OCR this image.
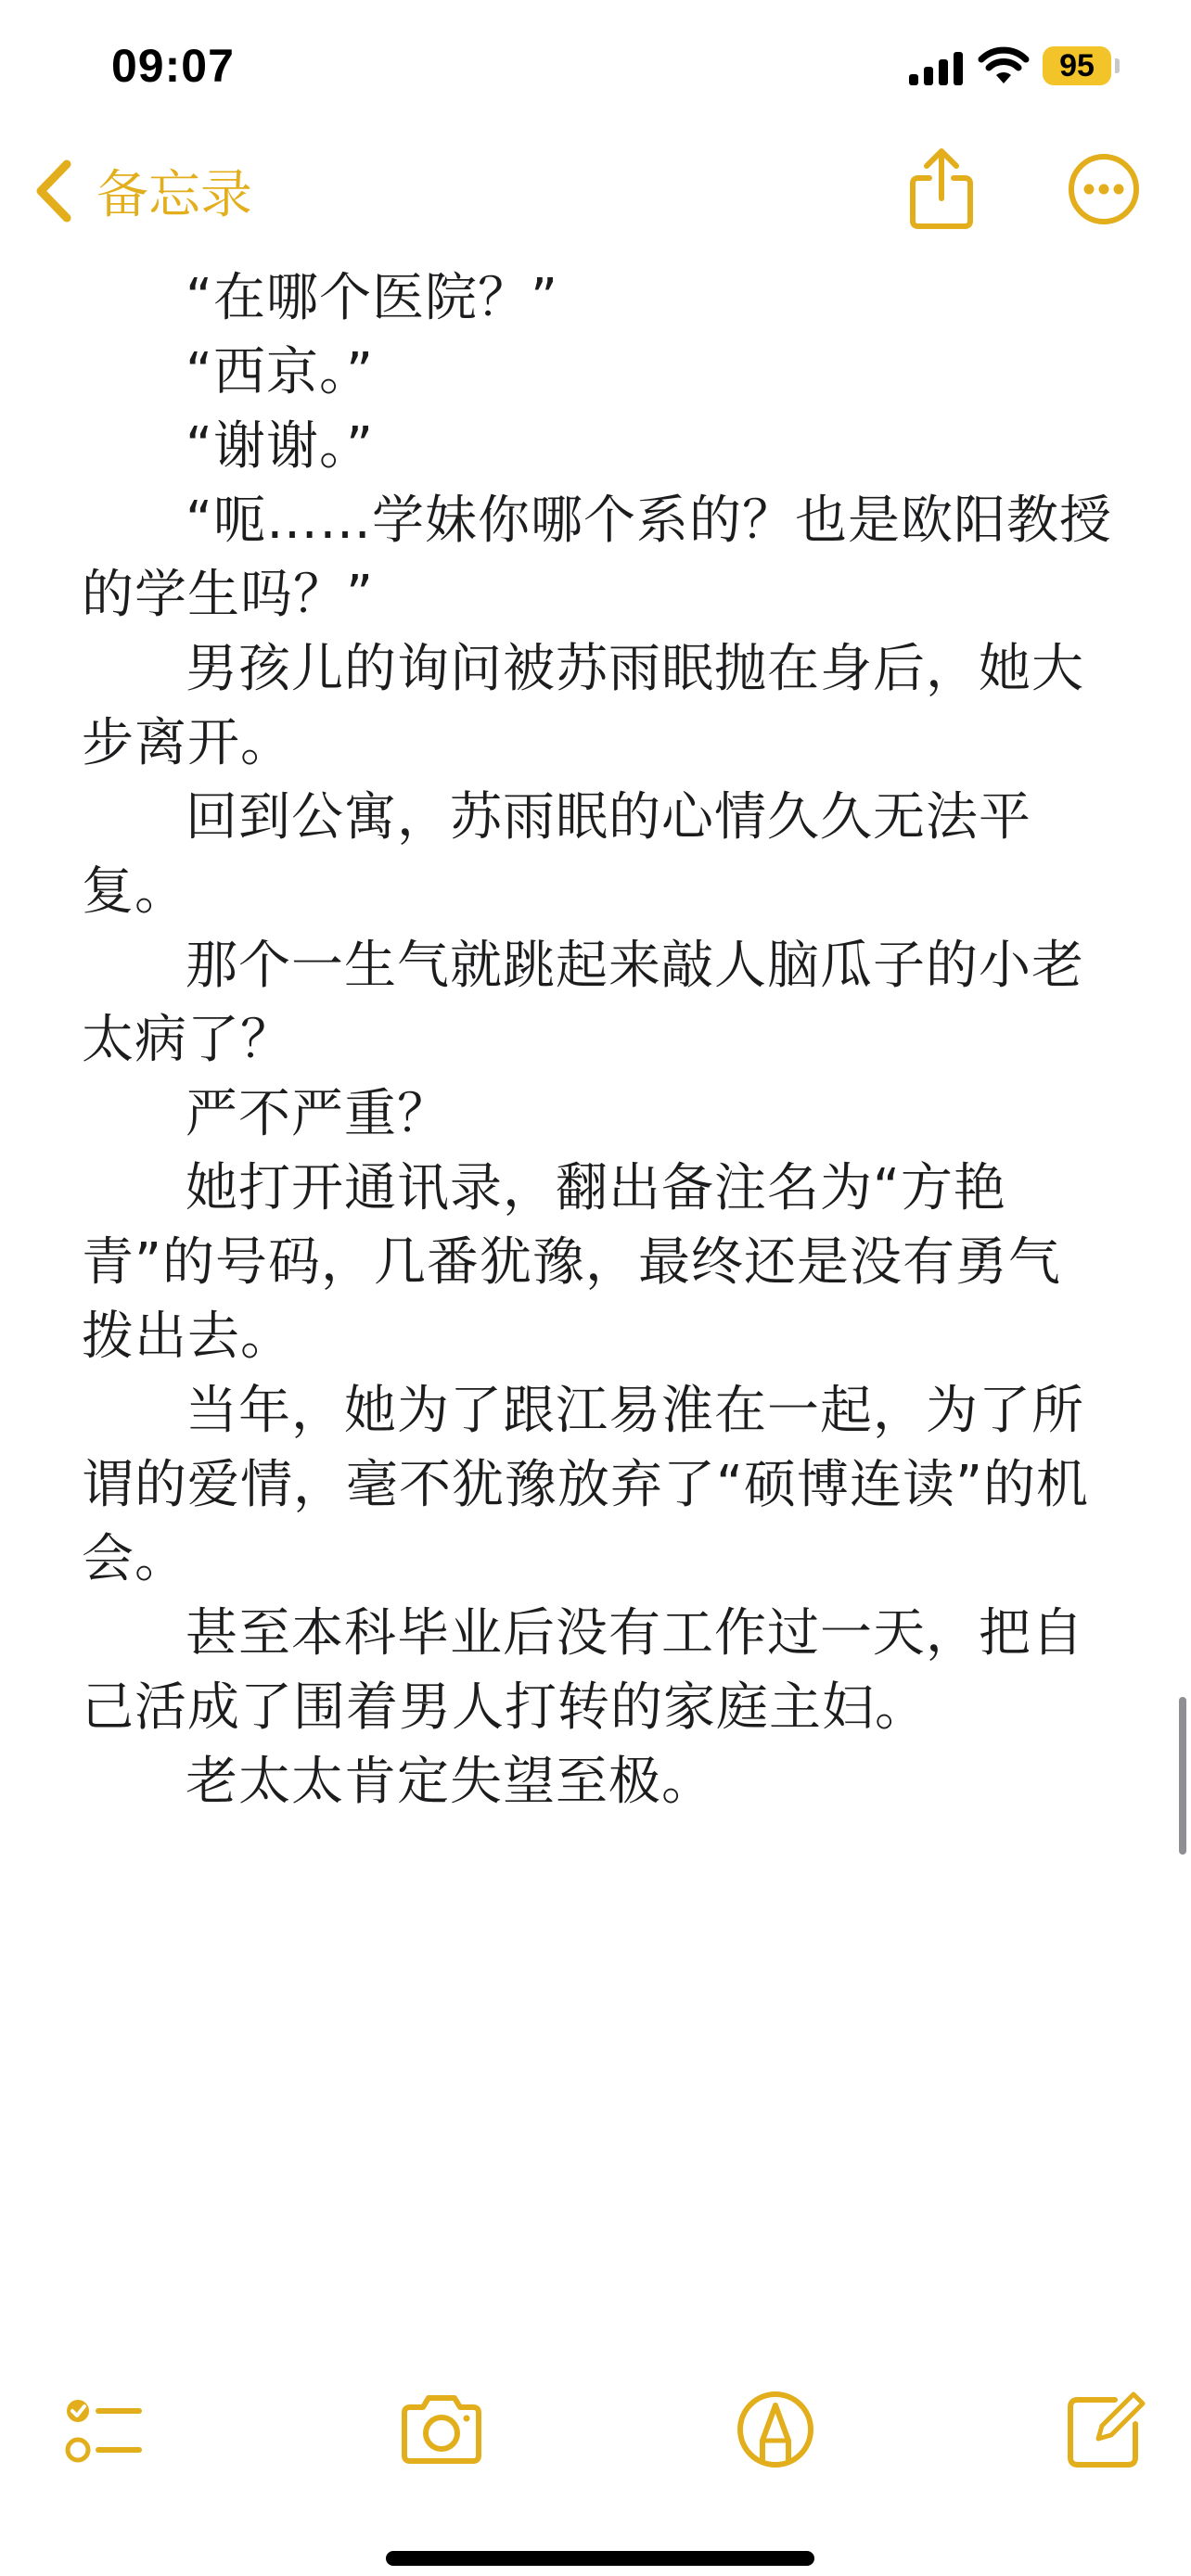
09:07	95
备忘录

“在哪个医院？”

“西京。”

“谢谢。”

“呃……学妹你哪个系的？也是欧阳教授的学生吗？”

男孩儿的询问被苏雨眠抛在身后，她大步离开。

回到公寓，苏雨眠的心情久久无法平复。

那个一生气就跳起来敲人脑瓜子的小老太病了？

严不严重？

她打开通讯录，翻出备注名为“方艳青”的号码，几番犹豫，最终还是没有勇气拨出去。

当年，她为了跟江易淮在一起，为了所谓的爱情，毫不犹豫放弃了“硕博连读”的机会。

甚至本科毕业后没有工作过一天，把自己活成了围着男人打转的家庭主妇。

老太太肯定失望至极。
